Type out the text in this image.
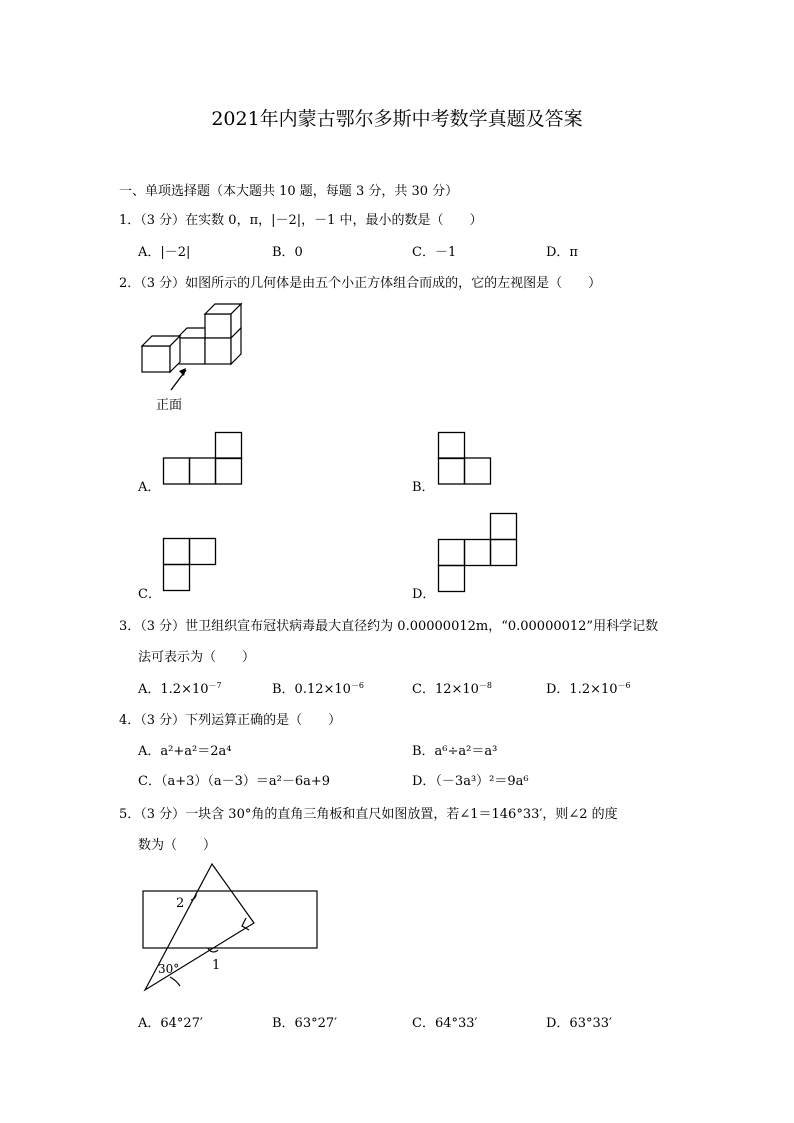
2021年内蒙古鄂尔多斯中考数学真题及答案
一、单项选择题（本大题共 10 题，每题 3 分，共 30 分）
1．（3 分）在实数 0，π，|－2|，－1 中，最小的数是（　　）
A．|－2|	B．0	C．－1	D．π
2．（3 分）如图所示的几何体是由五个小正方体组合而成的，它的左视图是（　　）
正面
A．	B．
C．	D．
3．（3 分）世卫组织宣布冠状病毒最大直径约为 0.00000012m，“0.00000012”用科学记数
法可表示为（　　）
A．$1.2\times 10^{-7}$	B．$0.12\times 10^{-6}$	C．$12\times 10^{-8}$	D．$1.2\times 10^{-6}$
4．（3 分）下列运算正确的是（　　）
A．a²+a²＝2a⁴	B．a⁶÷a²＝a³
C．（a+3）（a－3）＝a²－6a+9	D．（－3a³）²＝9a⁶
5．（3 分）一块含 30°角的直角三角板和直尺如图放置，若∠1＝146°33′，则∠2 的度
数为（　　）
2
1
30°
A．64°27′	B．63°27′	C．64°33′	D．63°33′
